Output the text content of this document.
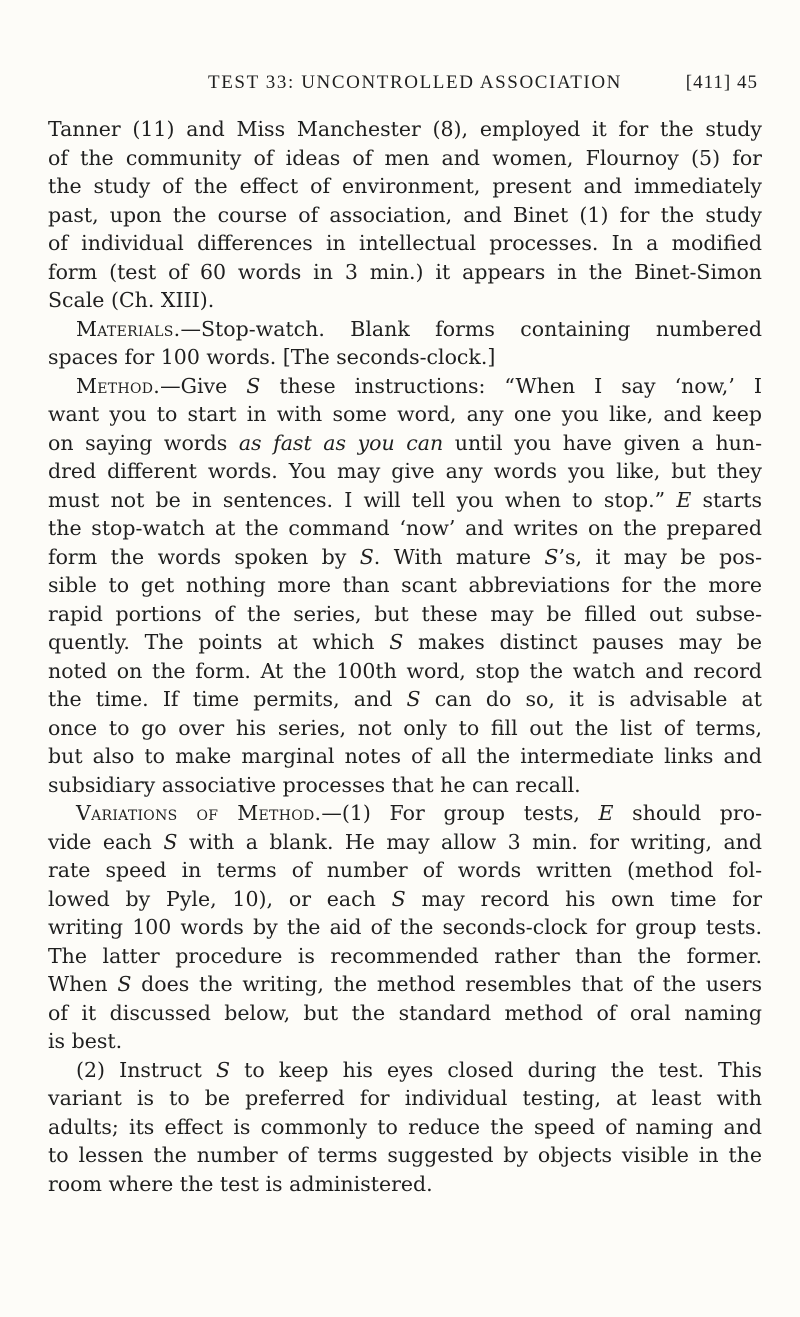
TEST 33: UNCONTROLLED ASSOCIATION	[411] 45
Tanner (11) and Miss Manchester (8), employed it for the study
of the community of ideas of men and women, Flournoy (5) for
the study of the effect of environment, present and immediately
past, upon the course of association, and Binet (1) for the study
of individual differences in intellectual processes. In a modified
form (test of 60 words in 3 min.) it appears in the Binet-Simon
Scale (Ch. XIII).
Materials.—Stop-watch. Blank forms containing numbered
spaces for 100 words. [The seconds-clock.]
Method.—Give S these instructions: “When I say ‘now,’ I
want you to start in with some word, any one you like, and keep
on saying words as fast as you can until you have given a hun-
dred different words. You may give any words you like, but they
must not be in sentences. I will tell you when to stop.” E starts
the stop-watch at the command ‘now’ and writes on the prepared
form the words spoken by S. With mature S’s, it may be pos-
sible to get nothing more than scant abbreviations for the more
rapid portions of the series, but these may be filled out subse-
quently. The points at which S makes distinct pauses may be
noted on the form. At the 100th word, stop the watch and record
the time. If time permits, and S can do so, it is advisable at
once to go over his series, not only to fill out the list of terms,
but also to make marginal notes of all the intermediate links and
subsidiary associative processes that he can recall.
Variations of Method.—(1) For group tests, E should pro-
vide each S with a blank. He may allow 3 min. for writing, and
rate speed in terms of number of words written (method fol-
lowed by Pyle, 10), or each S may record his own time for
writing 100 words by the aid of the seconds-clock for group tests.
The latter procedure is recommended rather than the former.
When S does the writing, the method resembles that of the users
of it discussed below, but the standard method of oral naming
is best.
(2) Instruct S to keep his eyes closed during the test. This
variant is to be preferred for individual testing, at least with
adults; its effect is commonly to reduce the speed of naming and
to lessen the number of terms suggested by objects visible in the
room where the test is administered.
